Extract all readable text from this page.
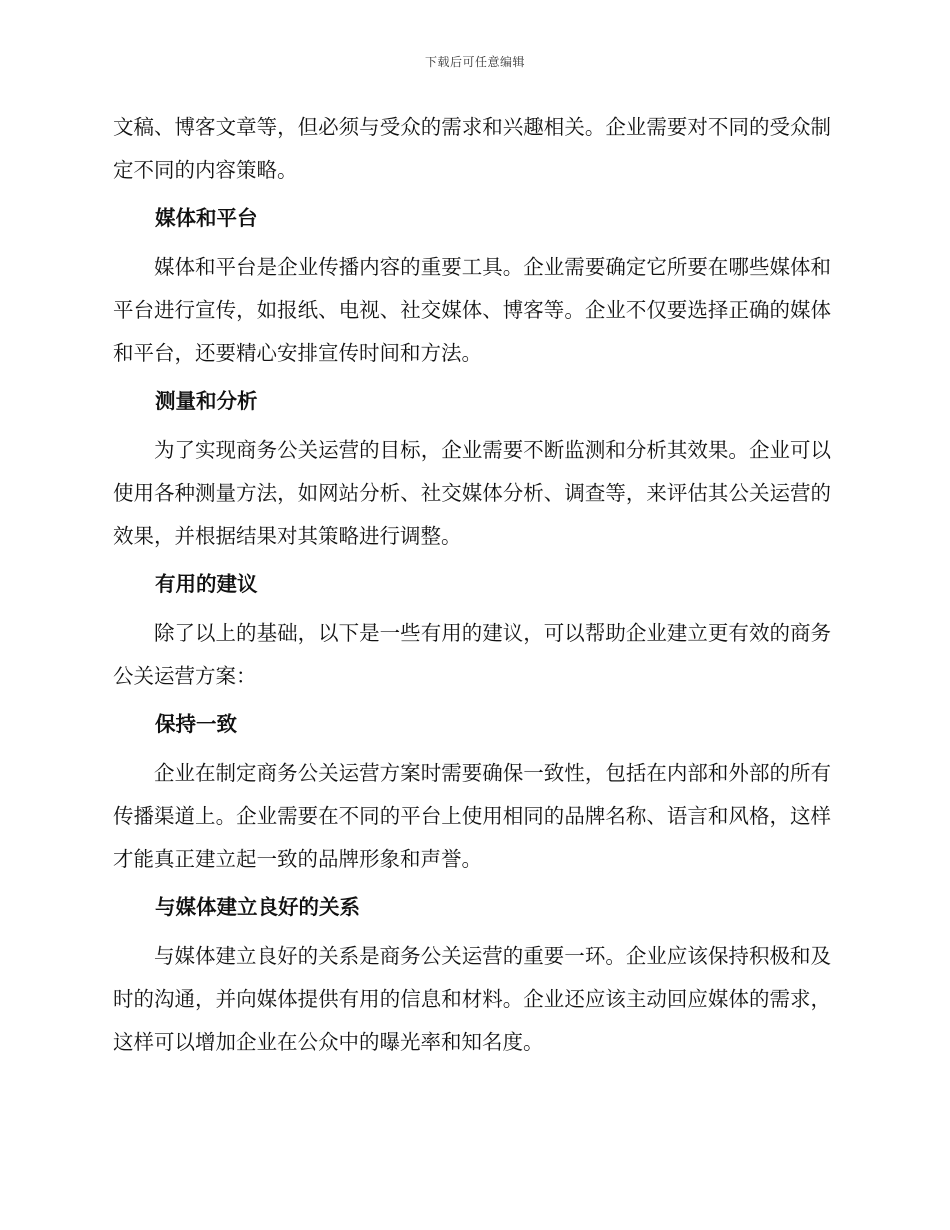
下载后可任意编辑

文稿、博客文章等，但必须与受众的需求和兴趣相关。企业需要对不同的受众制定不同的内容策略。

媒体和平台

媒体和平台是企业传播内容的重要工具。企业需要确定它所要在哪些媒体和平台进行宣传，如报纸、电视、社交媒体、博客等。企业不仅要选择正确的媒体和平台，还要精心安排宣传时间和方法。

测量和分析

为了实现商务公关运营的目标，企业需要不断监测和分析其效果。企业可以使用各种测量方法，如网站分析、社交媒体分析、调查等，来评估其公关运营的效果，并根据结果对其策略进行调整。

有用的建议

除了以上的基础，以下是一些有用的建议，可以帮助企业建立更有效的商务公关运营方案：

保持一致

企业在制定商务公关运营方案时需要确保一致性，包括在内部和外部的所有传播渠道上。企业需要在不同的平台上使用相同的品牌名称、语言和风格，这样才能真正建立起一致的品牌形象和声誉。

与媒体建立良好的关系

与媒体建立良好的关系是商务公关运营的重要一环。企业应该保持积极和及时的沟通，并向媒体提供有用的信息和材料。企业还应该主动回应媒体的需求，这样可以增加企业在公众中的曝光率和知名度。
